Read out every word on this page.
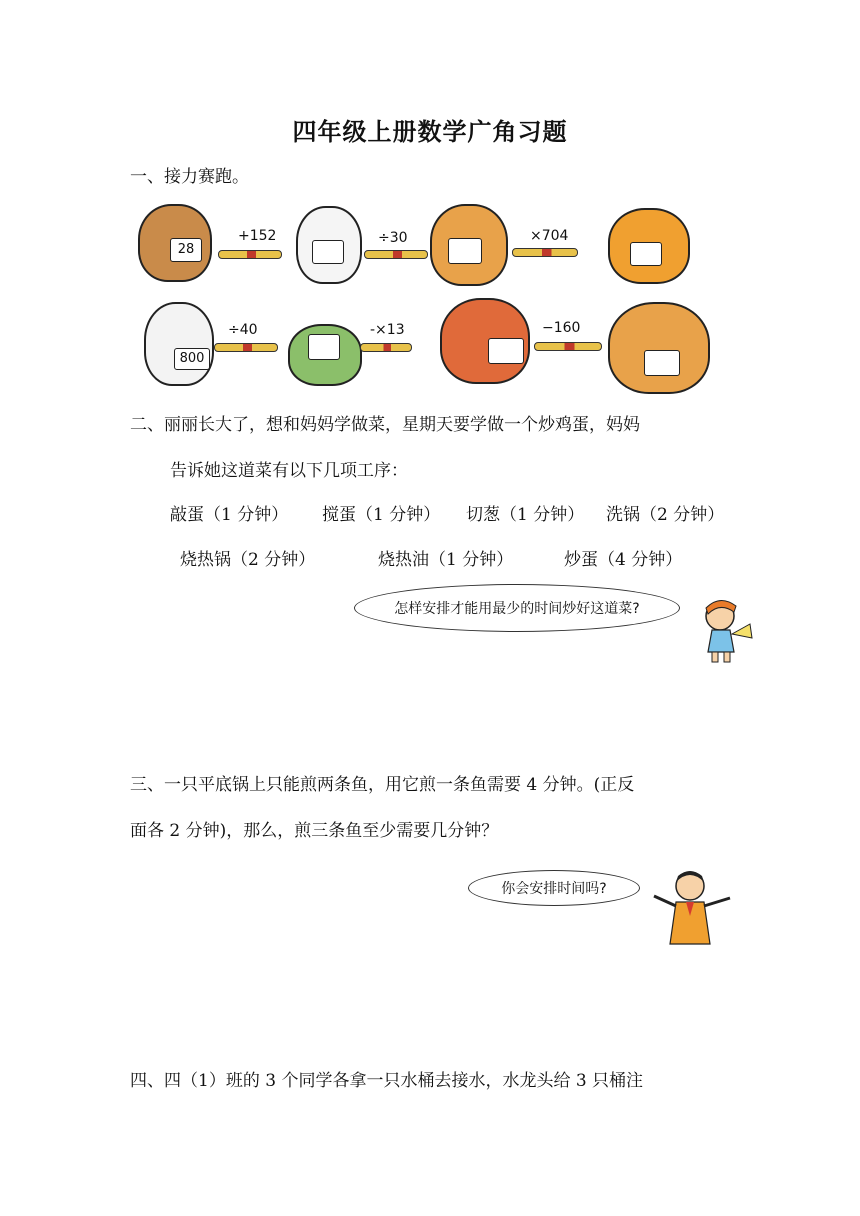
四年级上册数学广角习题
一、接力赛跑。
28
+152	÷30	×704
800
÷40	-×13	−160
二、丽丽长大了，想和妈妈学做菜，星期天要学做一个炒鸡蛋，妈妈
告诉她这道菜有以下几项工序：
敲蛋（1 分钟） 搅蛋（1 分钟） 切葱（1 分钟） 洗锅（2 分钟）
烧热锅（2 分钟）	烧热油（1 分钟）	炒蛋（4 分钟）
怎样安排才能用最少的时间炒好这道菜?
三、一只平底锅上只能煎两条鱼，用它煎一条鱼需要 4 分钟。(正反
面各 2 分钟)，那么，煎三条鱼至少需要几分钟？
你会安排时间吗?
四、四（1）班的 3 个同学各拿一只水桶去接水，水龙头给 3 只桶注
